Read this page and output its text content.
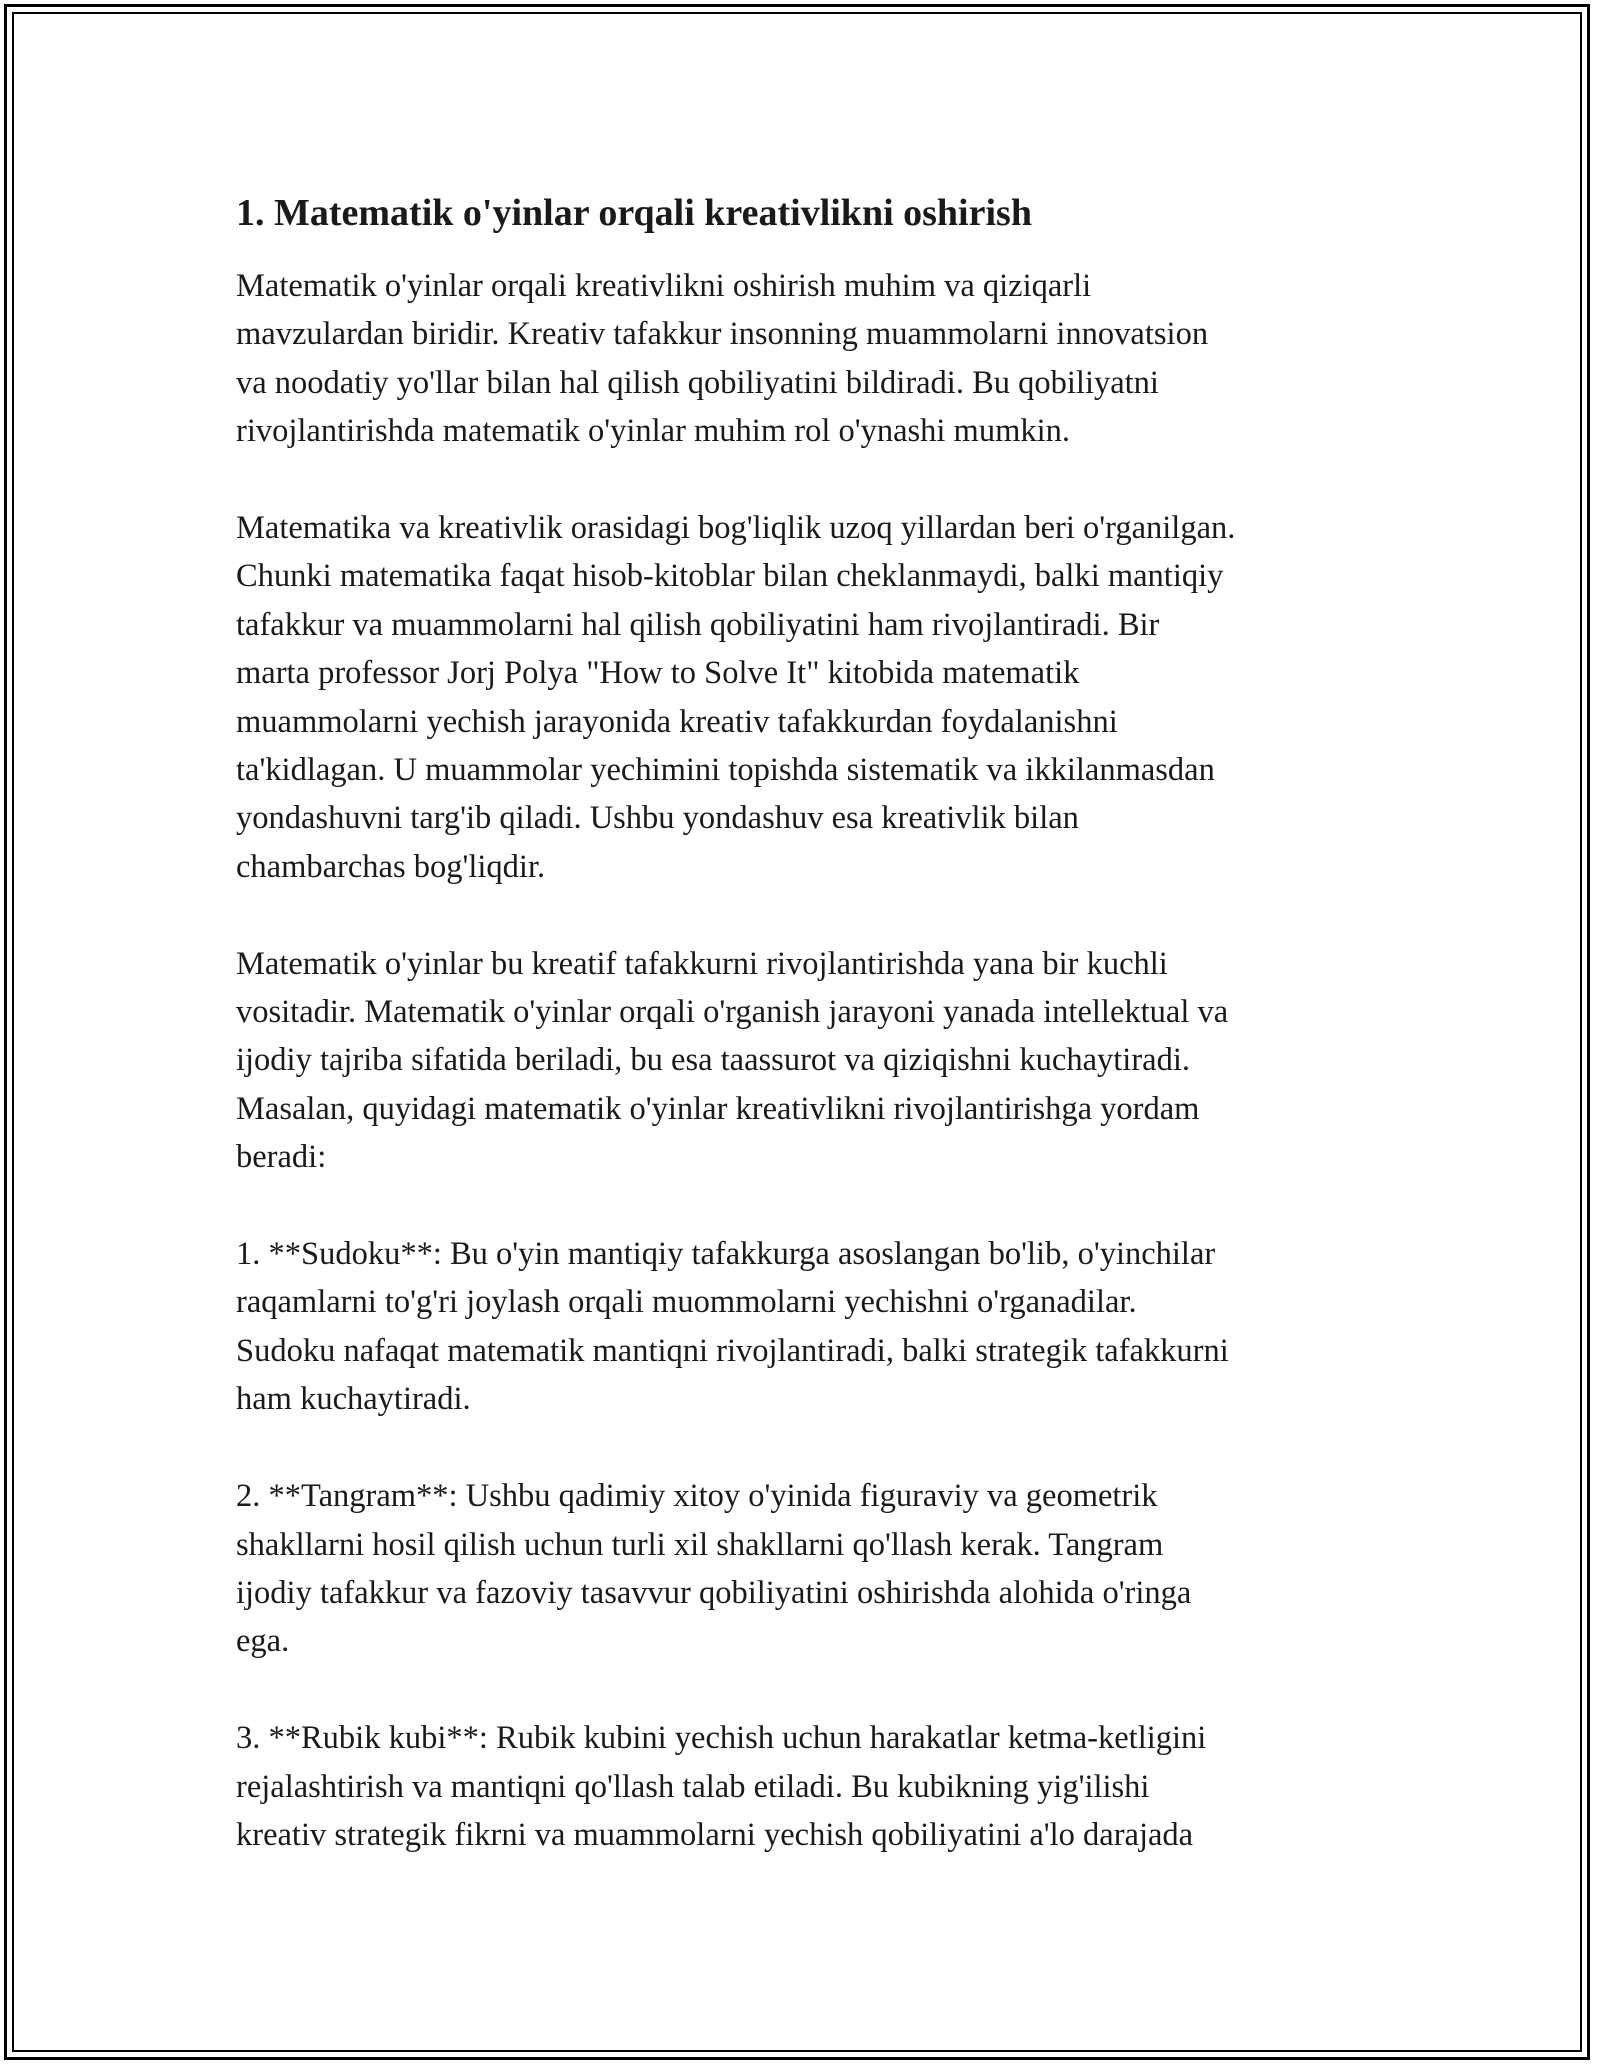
1. Matematik o'yinlar orqali kreativlikni oshirish
Matematik o'yinlar orqali kreativlikni oshirish muhim va qiziqarli
mavzulardan biridir. Kreativ tafakkur insonning muammolarni innovatsion
va noodatiy yo'llar bilan hal qilish qobiliyatini bildiradi. Bu qobiliyatni
rivojlantirishda matematik o'yinlar muhim rol o'ynashi mumkin.
Matematika va kreativlik orasidagi bog'liqlik uzoq yillardan beri o'rganilgan.
Chunki matematika faqat hisob-kitoblar bilan cheklanmaydi, balki mantiqiy
tafakkur va muammolarni hal qilish qobiliyatini ham rivojlantiradi. Bir
marta professor Jorj Polya "How to Solve It" kitobida matematik
muammolarni yechish jarayonida kreativ tafakkurdan foydalanishni
ta'kidlagan. U muammolar yechimini topishda sistematik va ikkilanmasdan
yondashuvni targ'ib qiladi. Ushbu yondashuv esa kreativlik bilan
chambarchas bog'liqdir.
Matematik o'yinlar bu kreatif tafakkurni rivojlantirishda yana bir kuchli
vositadir. Matematik o'yinlar orqali o'rganish jarayoni yanada intellektual va
ijodiy tajriba sifatida beriladi, bu esa taassurot va qiziqishni kuchaytiradi.
Masalan, quyidagi matematik o'yinlar kreativlikni rivojlantirishga yordam
beradi:
1. **Sudoku**: Bu o'yin mantiqiy tafakkurga asoslangan bo'lib, o'yinchilar
raqamlarni to'g'ri joylash orqali muommolarni yechishni o'rganadilar.
Sudoku nafaqat matematik mantiqni rivojlantiradi, balki strategik tafakkurni
ham kuchaytiradi.
2. **Tangram**: Ushbu qadimiy xitoy o'yinida figuraviy va geometrik
shakllarni hosil qilish uchun turli xil shakllarni qo'llash kerak. Tangram
ijodiy tafakkur va fazoviy tasavvur qobiliyatini oshirishda alohida o'ringa
ega.
3. **Rubik kubi**: Rubik kubini yechish uchun harakatlar ketma-ketligini
rejalashtirish va mantiqni qo'llash talab etiladi. Bu kubikning yig'ilishi
kreativ strategik fikrni va muammolarni yechish qobiliyatini a'lo darajada
